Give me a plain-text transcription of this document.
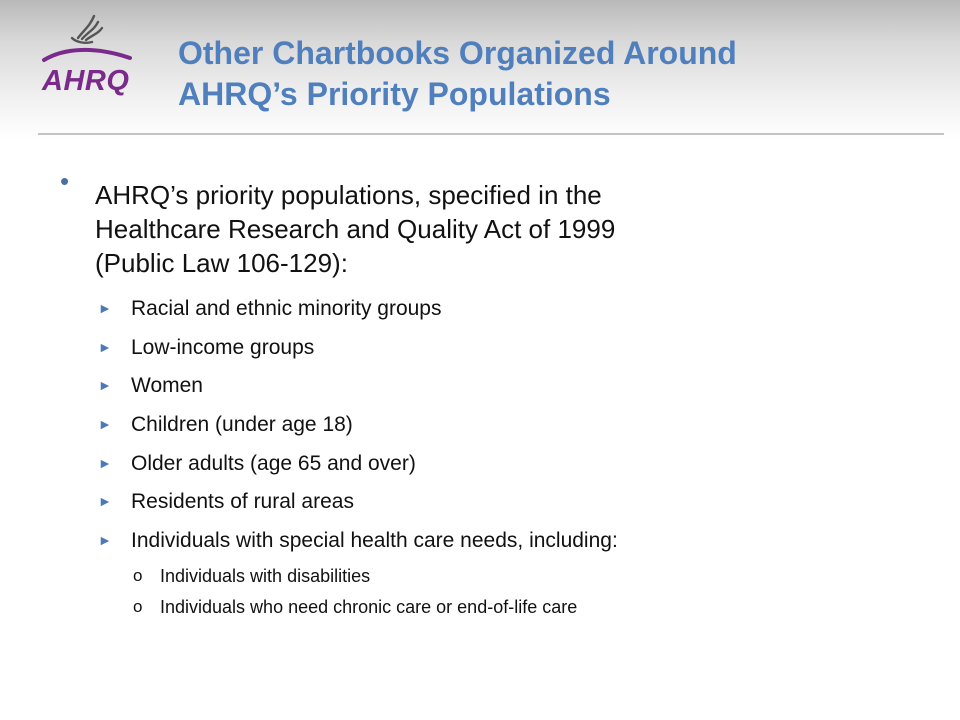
AHRQ
Other Chartbooks Organized Around
AHRQ’s Priority Populations
• AHRQ’s priority populations, specified in the
Healthcare Research and Quality Act of 1999
(Public Law 106-129):
► Racial and ethnic minority groups
► Low-income groups
► Women
► Children (under age 18)
► Older adults (age 65 and over)
► Residents of rural areas
► Individuals with special health care needs, including:
o Individuals with disabilities
o Individuals who need chronic care or end-of-life care
